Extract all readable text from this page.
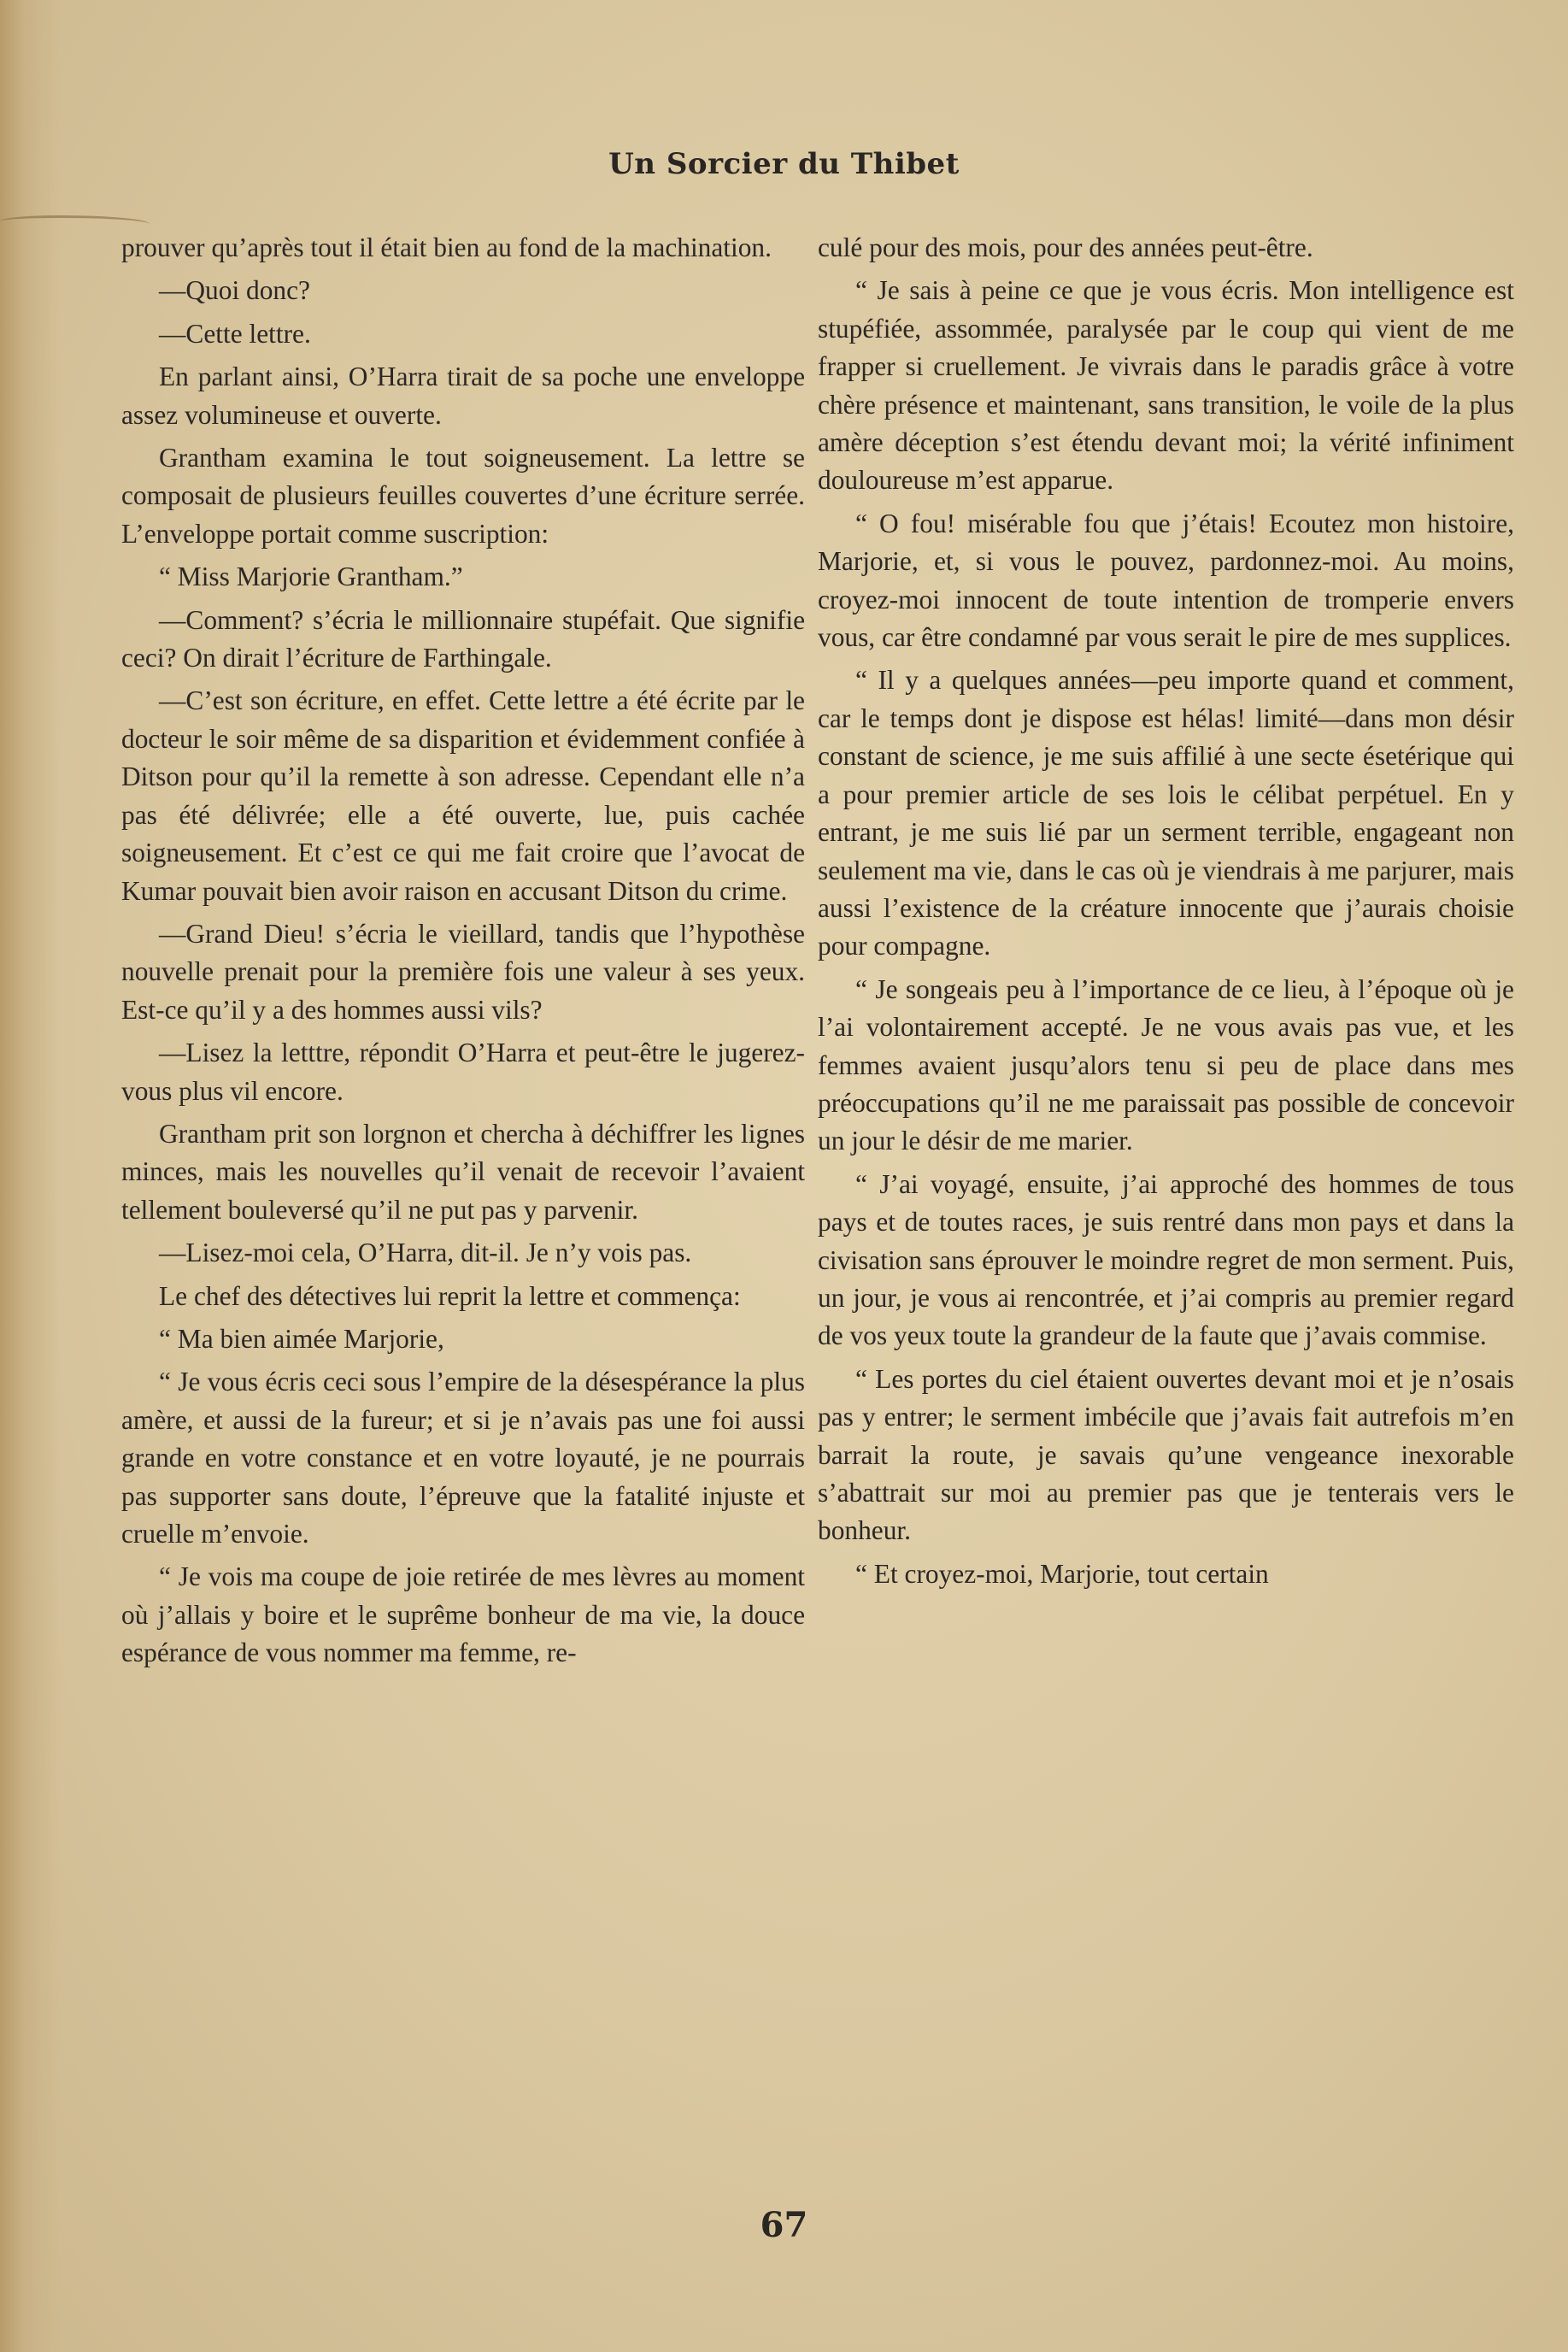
Un Sorcier du Thibet

prouver qu’après tout il était bien au fond de la machination.

—Quoi donc?

—Cette lettre.

En parlant ainsi, O’Harra tirait de sa poche une enveloppe assez volumineuse et ouverte.

Grantham examina le tout soigneusement. La lettre se composait de plusieurs feuilles couvertes d’une écriture serrée. L’enveloppe portait comme suscription:

“ Miss Marjorie Grantham.”

—Comment? s’écria le millionnaire stupéfait. Que signifie ceci? On dirait l’écriture de Farthingale.

—C’est son écriture, en effet. Cette lettre a été écrite par le docteur le soir même de sa disparition et évidemment confiée à Ditson pour qu’il la remette à son adresse. Cependant elle n’a pas été délivrée; elle a été ouverte, lue, puis cachée soigneusement. Et c’est ce qui me fait croire que l’avocat de Kumar pouvait bien avoir raison en accusant Ditson du crime.

—Grand Dieu! s’écria le vieillard, tandis que l’hypothèse nouvelle prenait pour la première fois une valeur à ses yeux. Est-ce qu’il y a des hommes aussi vils?

—Lisez la letttre, répondit O’Harra et peut-être le jugerez-vous plus vil encore.

Grantham prit son lorgnon et chercha à déchiffrer les lignes minces, mais les nouvelles qu’il venait de recevoir l’avaient tellement bouleversé qu’il ne put pas y parvenir.

—Lisez-moi cela, O’Harra, dit-il. Je n’y vois pas.

Le chef des détectives lui reprit la lettre et commença:

“ Ma bien aimée Marjorie,

“ Je vous écris ceci sous l’empire de la désespérance la plus amère, et aussi de la fureur; et si je n’avais pas une foi aussi grande en votre constance et en votre loyauté, je ne pourrais pas supporter sans doute, l’épreuve que la fatalité injuste et cruelle m’envoie.

“ Je vois ma coupe de joie retirée de mes lèvres au moment où j’allais y boire et le suprême bonheur de ma vie, la douce espérance de vous nommer ma femme, re-

culé pour des mois, pour des années peut-être.

“ Je sais à peine ce que je vous écris. Mon intelligence est stupéfiée, assommée, paralysée par le coup qui vient de me frapper si cruellement. Je vivrais dans le paradis grâce à votre chère présence et maintenant, sans transition, le voile de la plus amère déception s’est étendu devant moi; la vérité infiniment douloureuse m’est apparue.

“ O fou! misérable fou que j’étais! Ecoutez mon histoire, Marjorie, et, si vous le pouvez, pardonnez-moi. Au moins, croyez-moi innocent de toute intention de tromperie envers vous, car être condamné par vous serait le pire de mes supplices.

“ Il y a quelques années—peu importe quand et comment, car le temps dont je dispose est hélas! limité—dans mon désir constant de science, je me suis affilié à une secte ésetérique qui a pour premier article de ses lois le célibat perpétuel. En y entrant, je me suis lié par un serment terrible, engageant non seulement ma vie, dans le cas où je viendrais à me parjurer, mais aussi l’existence de la créature innocente que j’aurais choisie pour compagne.

“ Je songeais peu à l’importance de ce lieu, à l’époque où je l’ai volontairement accepté. Je ne vous avais pas vue, et les femmes avaient jusqu’alors tenu si peu de place dans mes préoccupations qu’il ne me paraissait pas possible de concevoir un jour le désir de me marier.

“ J’ai voyagé, ensuite, j’ai approché des hommes de tous pays et de toutes races, je suis rentré dans mon pays et dans la civisation sans éprouver le moindre regret de mon serment. Puis, un jour, je vous ai rencontrée, et j’ai compris au premier regard de vos yeux toute la grandeur de la faute que j’avais commise.

“ Les portes du ciel étaient ouvertes devant moi et je n’osais pas y entrer; le serment imbécile que j’avais fait autrefois m’en barrait la route, je savais qu’une vengeance inexorable s’abattrait sur moi au premier pas que je tenterais vers le bonheur.

“ Et croyez-moi, Marjorie, tout certain

67
